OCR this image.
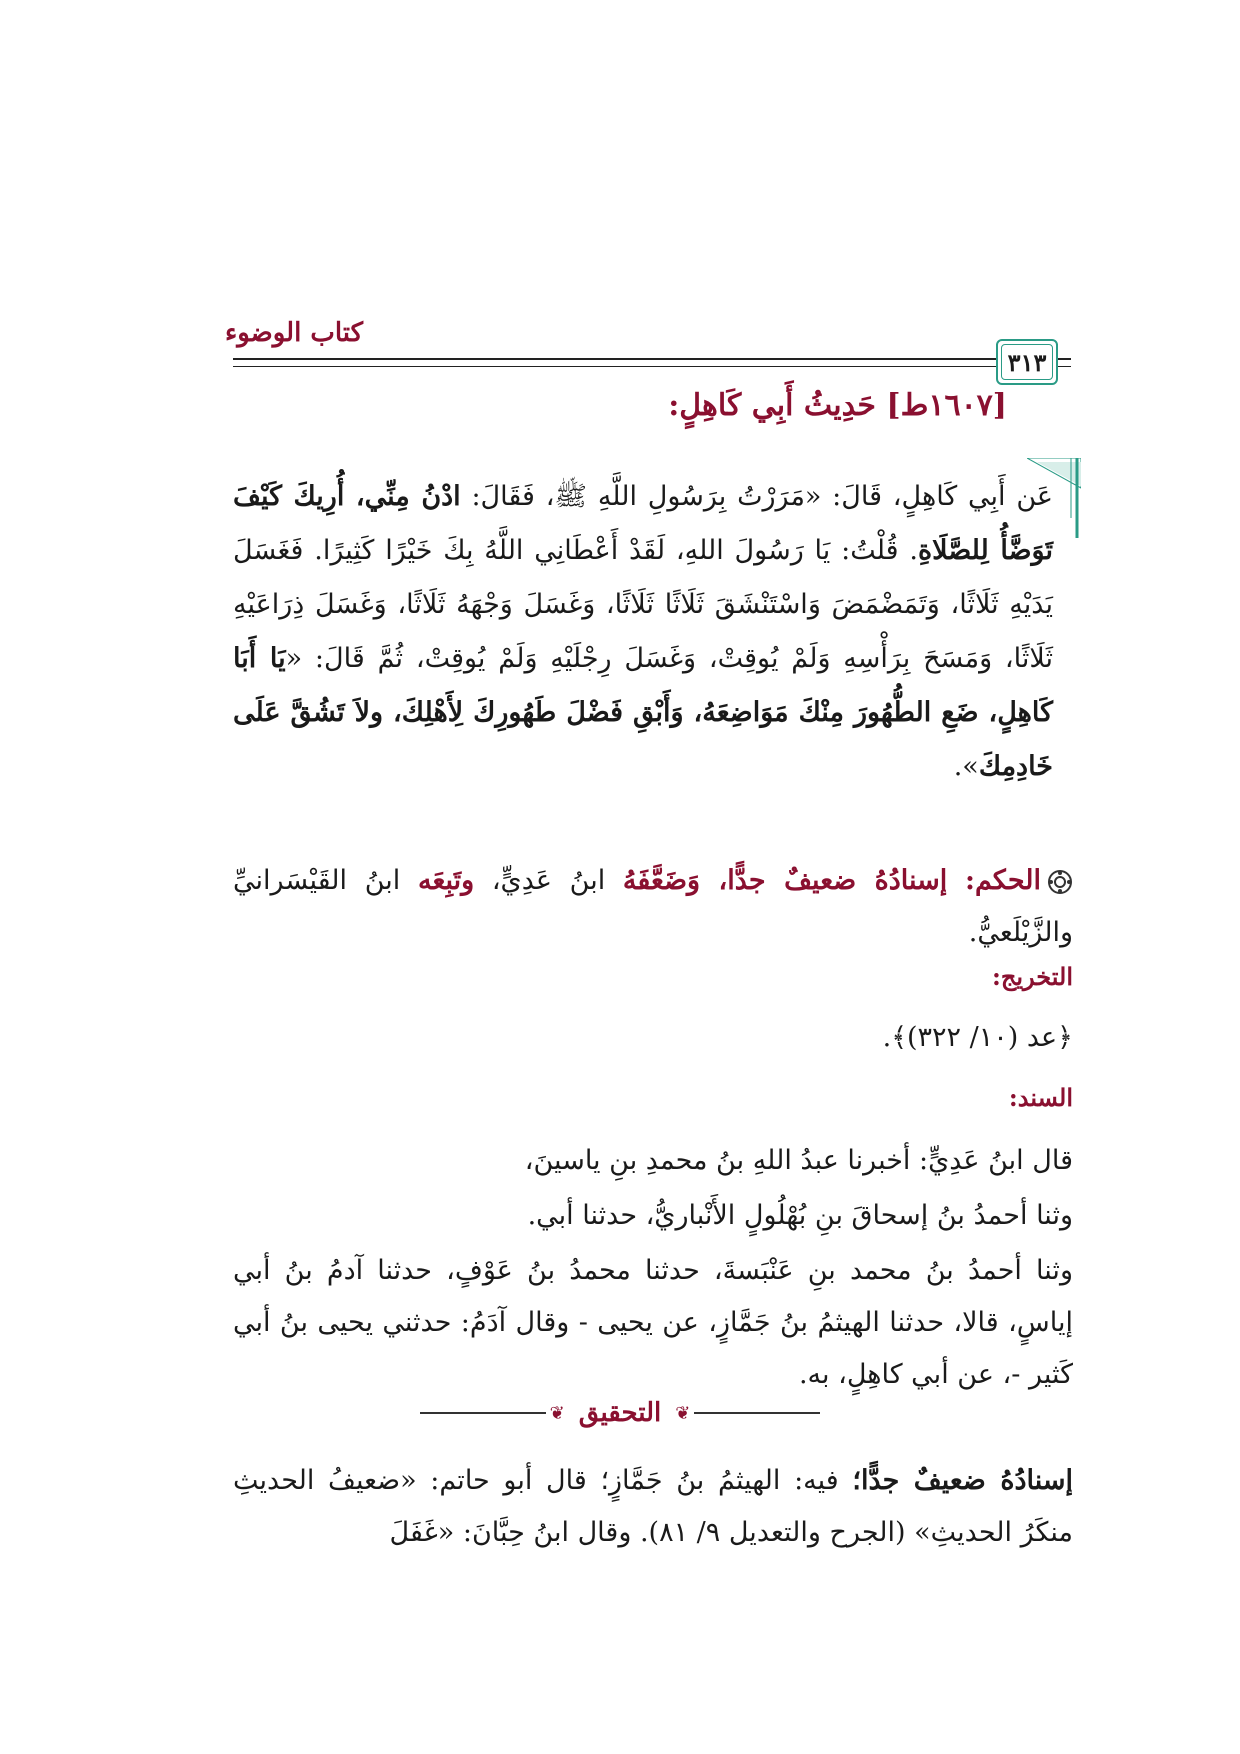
كتاب الوضوء
٣١٣
[١٦٠٧ط] حَدِيثُ أَبِي كَاهِلٍ:
عَن أَبِي كَاهِلٍ، قَالَ: «مَرَرْتُ بِرَسُولِ اللَّهِ ﷺ، فَقَالَ: ادْنُ مِنِّي، أُرِيكَ كَيْفَ تَوَضَّأُ لِلصَّلَاةِ. قُلْتُ: يَا رَسُولَ اللهِ، لَقَدْ أَعْطَانِي اللَّهُ بِكَ خَيْرًا كَثِيرًا. فَغَسَلَ يَدَيْهِ ثَلَاثًا، وَتَمَضْمَضَ وَاسْتَنْشَقَ ثَلَاثًا ثَلَاثًا، وَغَسَلَ وَجْهَهُ ثَلَاثًا، وَغَسَلَ ذِرَاعَيْهِ ثَلَاثًا، وَمَسَحَ بِرَأْسِهِ وَلَمْ يُوقِتْ، وَغَسَلَ رِجْلَيْهِ وَلَمْ يُوقِتْ، ثُمَّ قَالَ: «يَا أَبَا كَاهِلٍ، ضَعِ الطُّهُورَ مِنْكَ مَوَاضِعَهُ، وَأَبْقِ فَضْلَ طَهُورِكَ لِأَهْلِكَ، ولاَ تَشُقَّ عَلَى خَادِمِكَ».
الحكم: إسنادُهُ ضعيفٌ جدًّا، وَضَعَّفَهُ ابنُ عَدِيٍّ، وتَبِعَه ابنُ القَيْسَرانيِّ والزَّيْلَعيُّ.
التخريج:
﴿عد (١٠/ ٣٢٢)﴾.
السند:
قال ابنُ عَدِيٍّ: أخبرنا عبدُ اللهِ بنُ محمدِ بنِ ياسينَ،
وثنا أحمدُ بنُ إسحاقَ بنِ بُهْلُولٍ الأَنْباريُّ، حدثنا أبي.
وثنا أحمدُ بنُ محمد بنِ عَنْبَسةَ، حدثنا محمدُ بنُ عَوْفٍ، حدثنا آدمُ بنُ أبي إياسٍ، قالا، حدثنا الهيثمُ بنُ جَمَّازٍ، عن يحيى - وقال آدَمُ: حدثني يحيى بنُ أبي كَثير -، عن أبي كاهِلٍ، به.
❦
التحقيق
❦
إسنادُهُ ضعيفٌ جدًّا؛ فيه: الهيثمُ بنُ جَمَّازٍ؛ قال أبو حاتم: «ضعيفُ الحديثِ منكَرُ الحديثِ» (الجرح والتعديل ٩/ ٨١). وقال ابنُ حِبَّانَ: «غَفَلَ
